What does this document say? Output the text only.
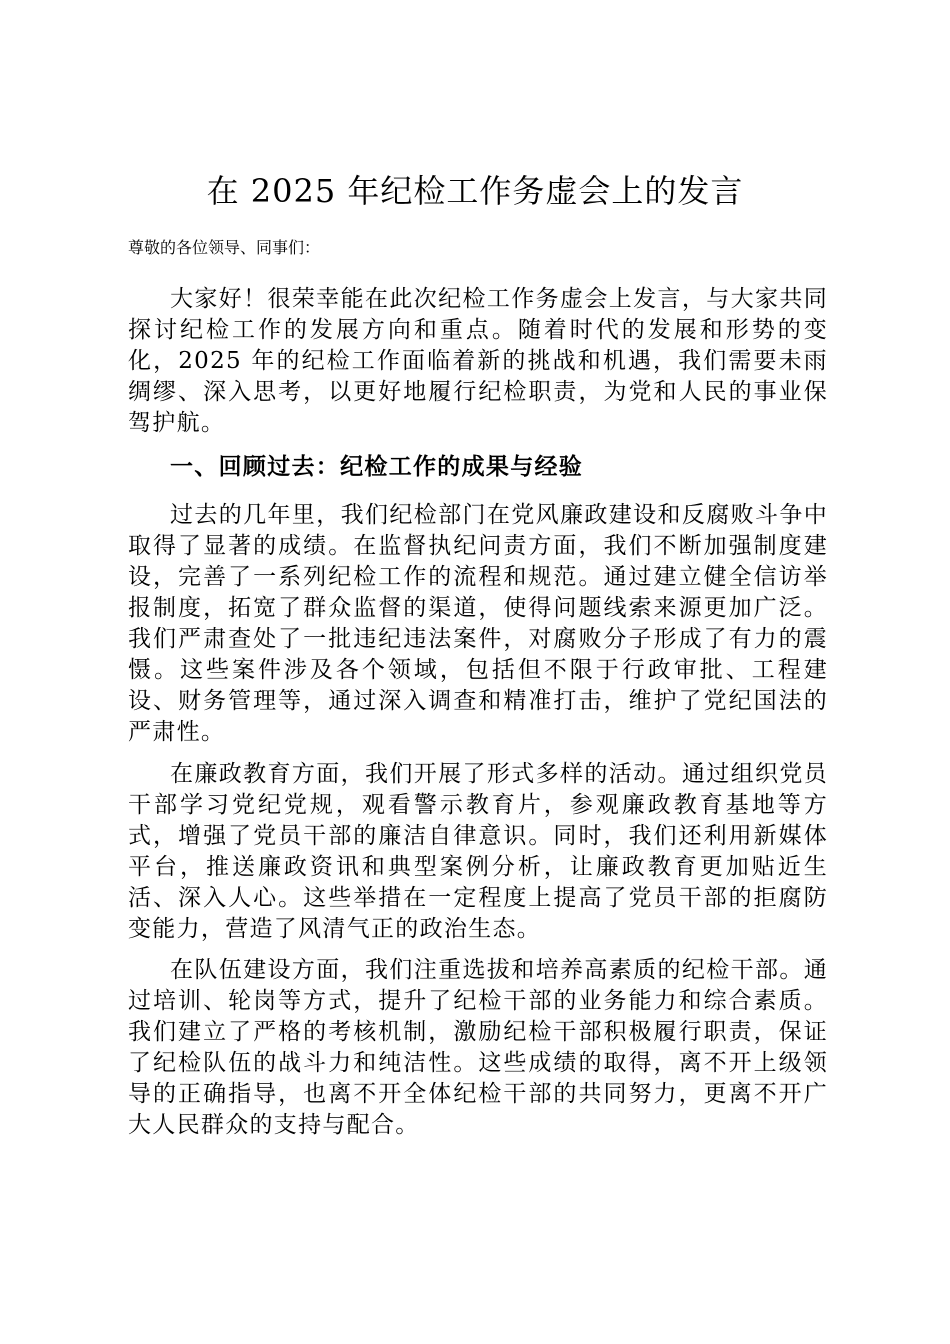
在 2025 年纪检工作务虚会上的发言

尊敬的各位领导、同事们：

大家好！很荣幸能在此次纪检工作务虚会上发言，与大家共同探讨纪检工作的发展方向和重点。随着时代的发展和形势的变化，2025 年的纪检工作面临着新的挑战和机遇，我们需要未雨绸缪、深入思考，以更好地履行纪检职责，为党和人民的事业保驾护航。

一、回顾过去：纪检工作的成果与经验

过去的几年里，我们纪检部门在党风廉政建设和反腐败斗争中取得了显著的成绩。在监督执纪问责方面，我们不断加强制度建设，完善了一系列纪检工作的流程和规范。通过建立健全信访举报制度，拓宽了群众监督的渠道，使得问题线索来源更加广泛。我们严肃查处了一批违纪违法案件，对腐败分子形成了有力的震慑。这些案件涉及各个领域，包括但不限于行政审批、工程建设、财务管理等，通过深入调查和精准打击，维护了党纪国法的严肃性。

在廉政教育方面，我们开展了形式多样的活动。通过组织党员干部学习党纪党规，观看警示教育片，参观廉政教育基地等方式，增强了党员干部的廉洁自律意识。同时，我们还利用新媒体平台，推送廉政资讯和典型案例分析，让廉政教育更加贴近生活、深入人心。这些举措在一定程度上提高了党员干部的拒腐防变能力，营造了风清气正的政治生态。

在队伍建设方面，我们注重选拔和培养高素质的纪检干部。通过培训、轮岗等方式，提升了纪检干部的业务能力和综合素质。我们建立了严格的考核机制，激励纪检干部积极履行职责，保证了纪检队伍的战斗力和纯洁性。这些成绩的取得，离不开上级领导的正确指导，也离不开全体纪检干部的共同努力，更离不开广大人民群众的支持与配合。
